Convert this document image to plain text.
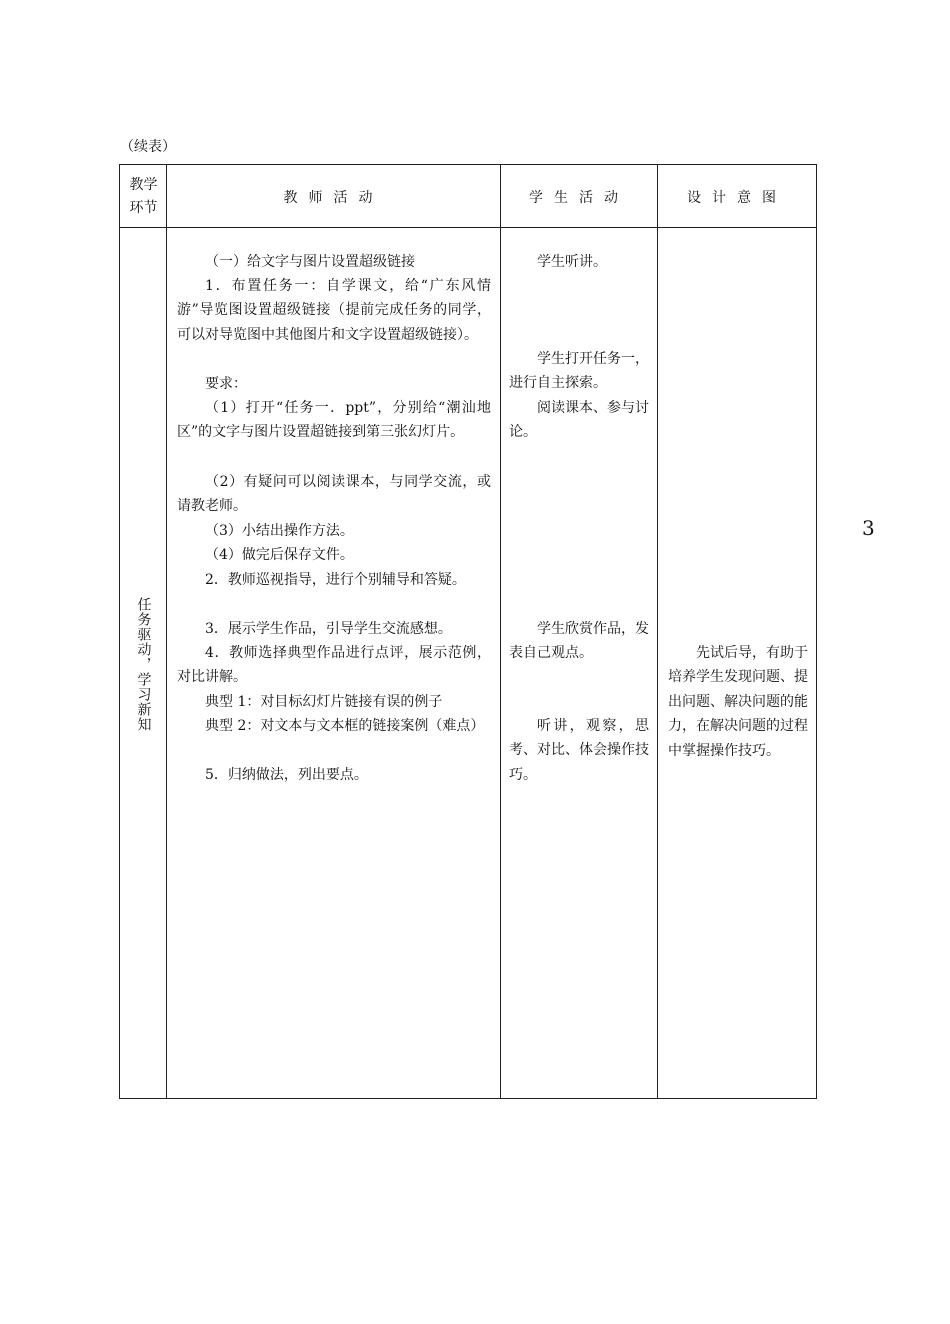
（续表）
3
教学
环节
教师活动	学生活动	设计意图
任务驱动，学习新知

（一）给文字与图片设置超级链接

1．布置任务一：自学课文，给“广东风情游”导览图设置超级链接（提前完成任务的同学，可以对导览图中其他图片和文字设置超级链接）。

要求：

（1）打开“任务一．ppt”，分别给“潮汕地区”的文字与图片设置超链接到第三张幻灯片。

（2）有疑问可以阅读课本，与同学交流，或请教老师。

（3）小结出操作方法。

（4）做完后保存文件。

2．教师巡视指导，进行个别辅导和答疑。

3．展示学生作品，引导学生交流感想。

4．教师选择典型作品进行点评，展示范例，对比讲解。

典型 1：对目标幻灯片链接有误的例子

典型 2：对文本与文本框的链接案例（难点）

5．归纳做法，列出要点。

学生听讲。

学生打开任务一，进行自主探索。

阅读课本、参与讨论。

学生欣赏作品，发表自己观点。

听讲，观察，思考、对比、体会操作技巧。

先试后导，有助于培养学生发现问题、提出问题、解决问题的能力，在解决问题的过程中掌握操作技巧。
